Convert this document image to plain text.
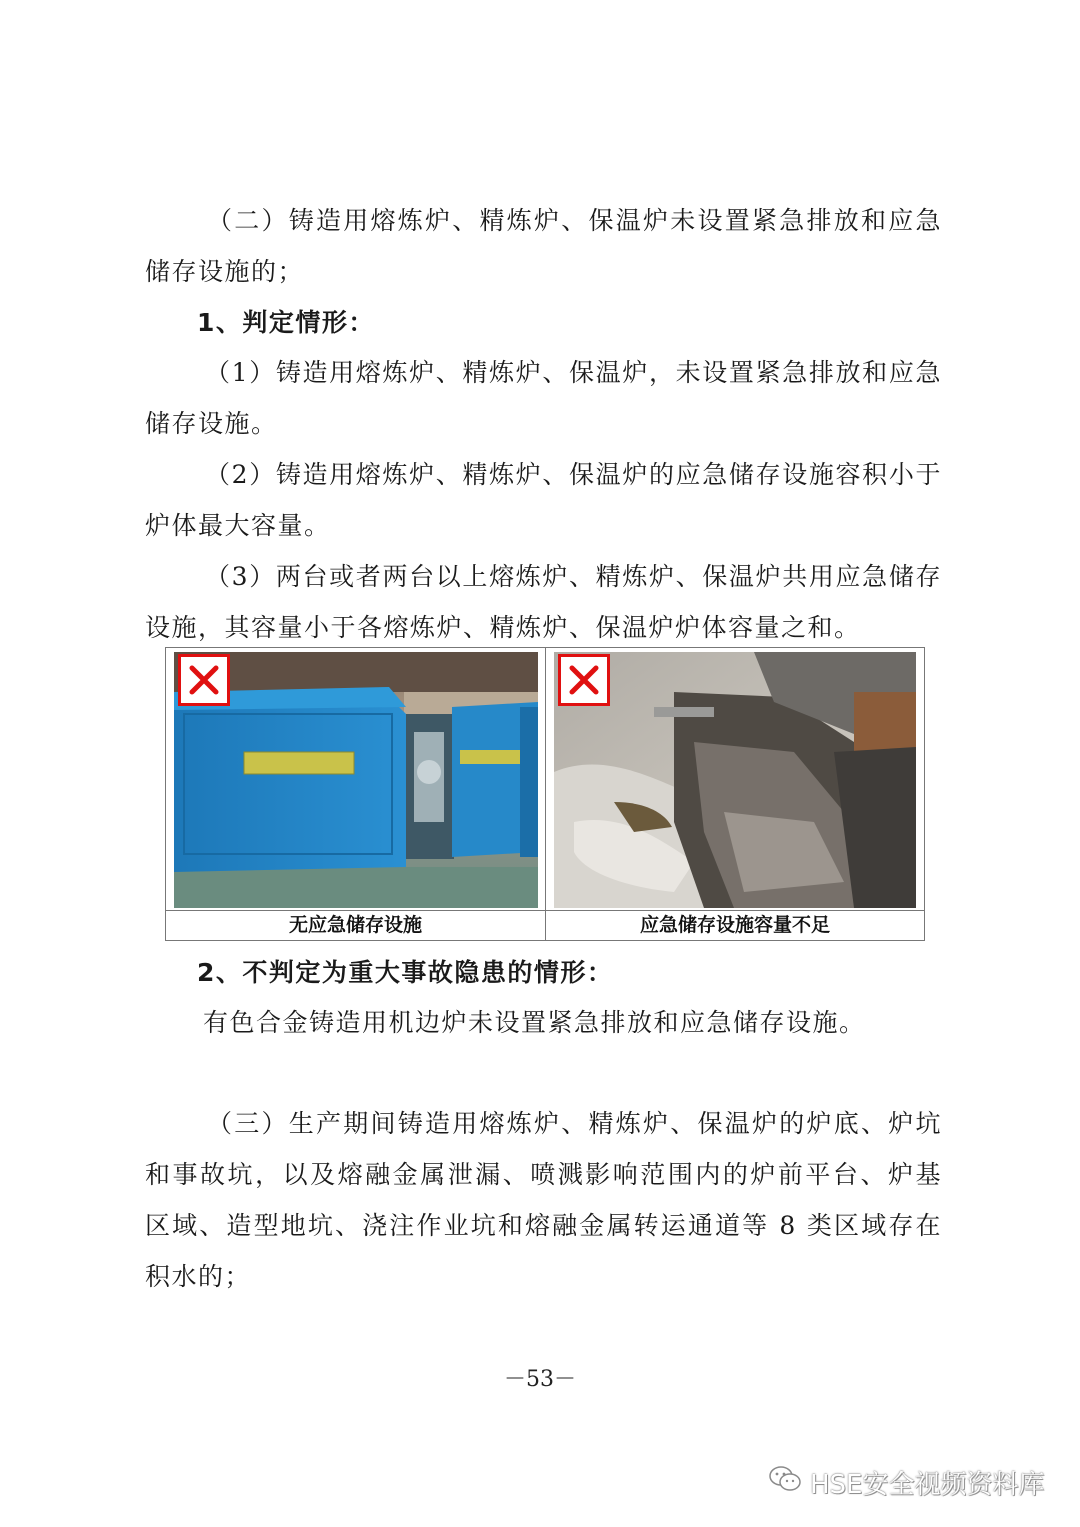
（二）铸造用熔炼炉、精炼炉、保温炉未设置紧急排放和应急
储存设施的；
1、判定情形：
（1）铸造用熔炼炉、精炼炉、保温炉，未设置紧急排放和应急
储存设施。
（2）铸造用熔炼炉、精炼炉、保温炉的应急储存设施容积小于
炉体最大容量。
（3）两台或者两台以上熔炼炉、精炼炉、保温炉共用应急储存
设施，其容量小于各熔炼炉、精炼炉、保温炉炉体容量之和。
无应急储存设施	应急储存设施容量不足
2、不判定为重大事故隐患的情形：
有色合金铸造用机边炉未设置紧急排放和应急储存设施。
（三）生产期间铸造用熔炼炉、精炼炉、保温炉的炉底、炉坑
和事故坑，以及熔融金属泄漏、喷溅影响范围内的炉前平台、炉基
区域、造型地坑、浇注作业坑和熔融金属转运通道等 8 类区域存在
积水的；
－53－
HSE安全视频资料库
